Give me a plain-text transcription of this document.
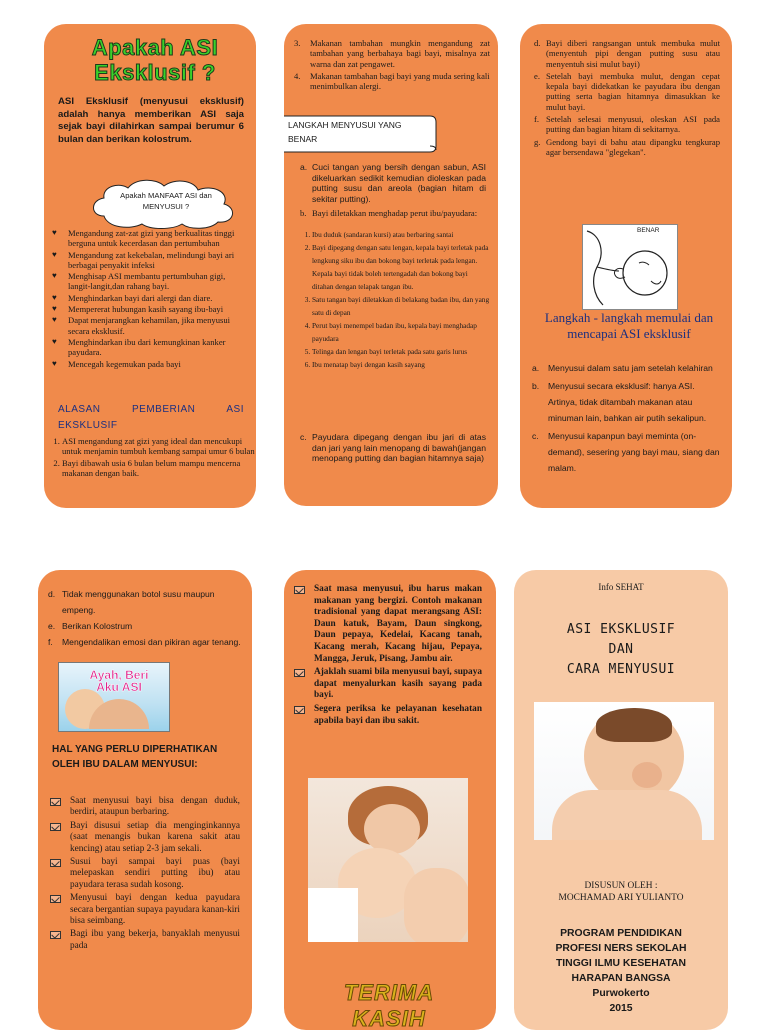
Apakah ASI
Eksklusif ?
ASI Eksklusif (menyusui eksklusif) adalah hanya memberikan ASI saja sejak bayi dilahirkan sampai berumur 6 bulan dan berikan kolostrum.
Apakah MANFAAT ASI dan MENYUSUI ?
♥ Mengandung zat-zat gizi yang berkualitas tinggi berguna untuk kecerdasan dan pertumbuhan
♥ Mengandung zat kekebalan, melindungi bayi ari berbagai penyakit infeksi
♥ Menghisap ASI membantu pertumbuhan gigi, langit-langit,dan rahang bayi.
♥ Menghindarkan bayi dari alergi dan diare.
♥ Mempererat hubungan kasih sayang ibu-bayi
♥ Dapat menjarangkan kehamilan, jika menyusui secara eksklusif.
♥ Menghindarkan ibu dari kemungkinan kanker payudara.
♥ Mencegah kegemukan pada bayi
ALASAN PEMBERIAN ASI EKSKLUSIF
1. ASI mengandung zat gizi yang ideal dan mencukupi untuk menjamin tumbuh kembang sampai umur 6 bulan
2. Bayi dibawah usia 6 bulan belum mampu mencerna makanan dengan baik.
3. Makanan tambahan mungkin mengandung zat tambahan yang berbahaya bagi bayi, misalnya zat warna dan zat pengawet.
4. Makanan tambahan bagi bayi yang muda sering kali menimbulkan alergi.
LANGKAH MENYUSUI YANG BENAR
a. Cuci tangan yang bersih dengan sabun, ASI dikeluarkan sedikit kemudian dioleskan pada putting susu dan areola (bagian hitam di sekitar putting).
b. Bayi diletakkan menghadap perut ibu/payudara:
1. Ibu duduk (sandaran kursi) atau berbaring santai
2. Bayi dipegang dengan satu lengan, kepala bayi terletak pada lengkung siku ibu dan bokong bayi terletak pada lengan. Kepala bayi tidak boleh tertengadah dan bokong bayi ditahan dengan telapak tangan ibu.
3. Satu tangan bayi diletakkan di belakang badan ibu, dan yang satu di depan
4. Perut bayi menempel badan ibu, kepala bayi menghadap payudara
5. Telinga dan lengan bayi terletak pada satu garis lurus
6. Ibu menatap bayi dengan kasih sayang
c. Payudara dipegang dengan ibu jari di atas dan jari yang lain menopang di bawah(jangan menopang putting dan bagian hitamnya saja)
d. Bayi diberi rangsangan untuk membuka mulut (menyentuh pipi dengan putting susu atau menyentuh sisi mulut bayi)
e. Setelah bayi membuka mulut, dengan cepat kepala bayi didekatkan ke payudara ibu dengan putting serta bagian hitamnya dimasukkan ke mulut bayi.
f. Setelah selesai menyusui, oleskan ASI pada putting dan bagian hitam di sekitarnya.
g. Gendong bayi di bahu atau dipangku tengkurap agar bersendawa "glegekan".
BENAR
Langkah - langkah memulai dan mencapai ASI eksklusif
a. Menyusui dalam satu jam setelah kelahiran
b. Menyusui secara eksklusif: hanya ASI. Artinya, tidak ditambah makanan atau minuman lain, bahkan air putih sekalipun.
c. Menyusui kapanpun bayi meminta (on-demand), sesering yang bayi mau, siang dan malam.
d. Tidak menggunakan botol susu maupun empeng.
e. Berikan Kolostrum
f. Mengendalikan emosi dan pikiran agar tenang.
Ayah, Beri Aku ASI
HAL YANG PERLU DIPERHATIKAN OLEH IBU DALAM MENYUSUI:
Saat menyusui bayi bisa dengan duduk, berdiri, ataupun berbaring.
Bayi disusui setiap dia menginginkannya (saat menangis bukan karena sakit atau kencing) atau setiap 2-3 jam sekali.
Susui bayi sampai bayi puas (bayi melepaskan sendiri putting ibu) atau payudara terasa sudah kosong.
Menyusui bayi dengan kedua payudara secara bergantian supaya payudara kanan-kiri bisa seimbang.
Bagi ibu yang bekerja, banyaklah menyusui pada
Saat masa menyusui, ibu harus makan makanan yang bergizi. Contoh makanan tradisional yang dapat merangsang ASI: Daun katuk, Bayam, Daun singkong, Daun pepaya, Kedelai, Kacang tanah, Kacang merah, Kacang hijau, Pepaya, Mangga, Jeruk, Pisang, Jambu air.
Ajaklah suami bila menyusui bayi, supaya dapat menyalurkan kasih sayang pada bayi.
Segera periksa ke pelayanan kesehatan apabila bayi dan ibu sakit.
TERIMA KASIH
Info SEHAT
ASI EKSKLUSIF
DAN
CARA MENYUSUI
DISUSUN OLEH :
MOCHAMAD ARI YULIANTO
PROGRAM PENDIDIKAN
PROFESI NERS SEKOLAH
TINGGI ILMU KESEHATAN
HARAPAN BANGSA
Purwokerto
2015
